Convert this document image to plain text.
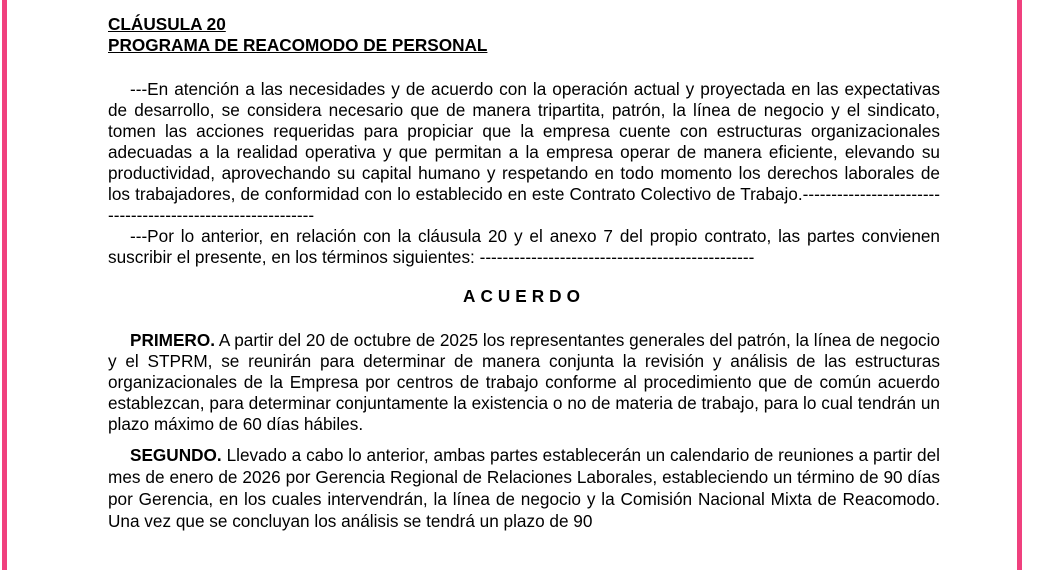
CLÁUSULA 20

PROGRAMA DE REACOMODO DE PERSONAL

---En atención a las necesidades y de acuerdo con la operación actual y proyectada en las expectativas de desarrollo, se considera necesario que de manera tripartita, patrón, la línea de negocio y el sindicato, tomen las acciones requeridas para propiciar que la empresa cuente con estructuras organizacionales adecuadas a la realidad operativa y que permitan a la empresa operar de manera eficiente, elevando su productividad, aprovechando su capital humano y respetando en todo momento los derechos laborales de los trabajadores, de conformidad con lo establecido en este Contrato Colectivo de Trabajo.------------------------------------------------------------

---Por lo anterior, en relación con la cláusula 20 y el anexo 7 del propio contrato, las partes convienen suscribir el presente, en los términos siguientes: ------------------------------------------------

ACUERDO

PRIMERO. A partir del 20 de octubre de 2025 los representantes generales del patrón, la línea de negocio y el STPRM, se reunirán para determinar de manera conjunta la revisión y análisis de las estructuras organizacionales de la Empresa por centros de trabajo conforme al procedimiento que de común acuerdo establezcan, para determinar conjuntamente la existencia o no de materia de trabajo, para lo cual tendrán un plazo máximo de 60 días hábiles.

SEGUNDO. Llevado a cabo lo anterior, ambas partes establecerán un calendario de reuniones a partir del mes de enero de 2026 por Gerencia Regional de Relaciones Laborales, estableciendo un término de 90 días por Gerencia, en los cuales intervendrán, la línea de negocio y la Comisión Nacional Mixta de Reacomodo. Una vez que se concluyan los análisis se tendrá un plazo de 90
